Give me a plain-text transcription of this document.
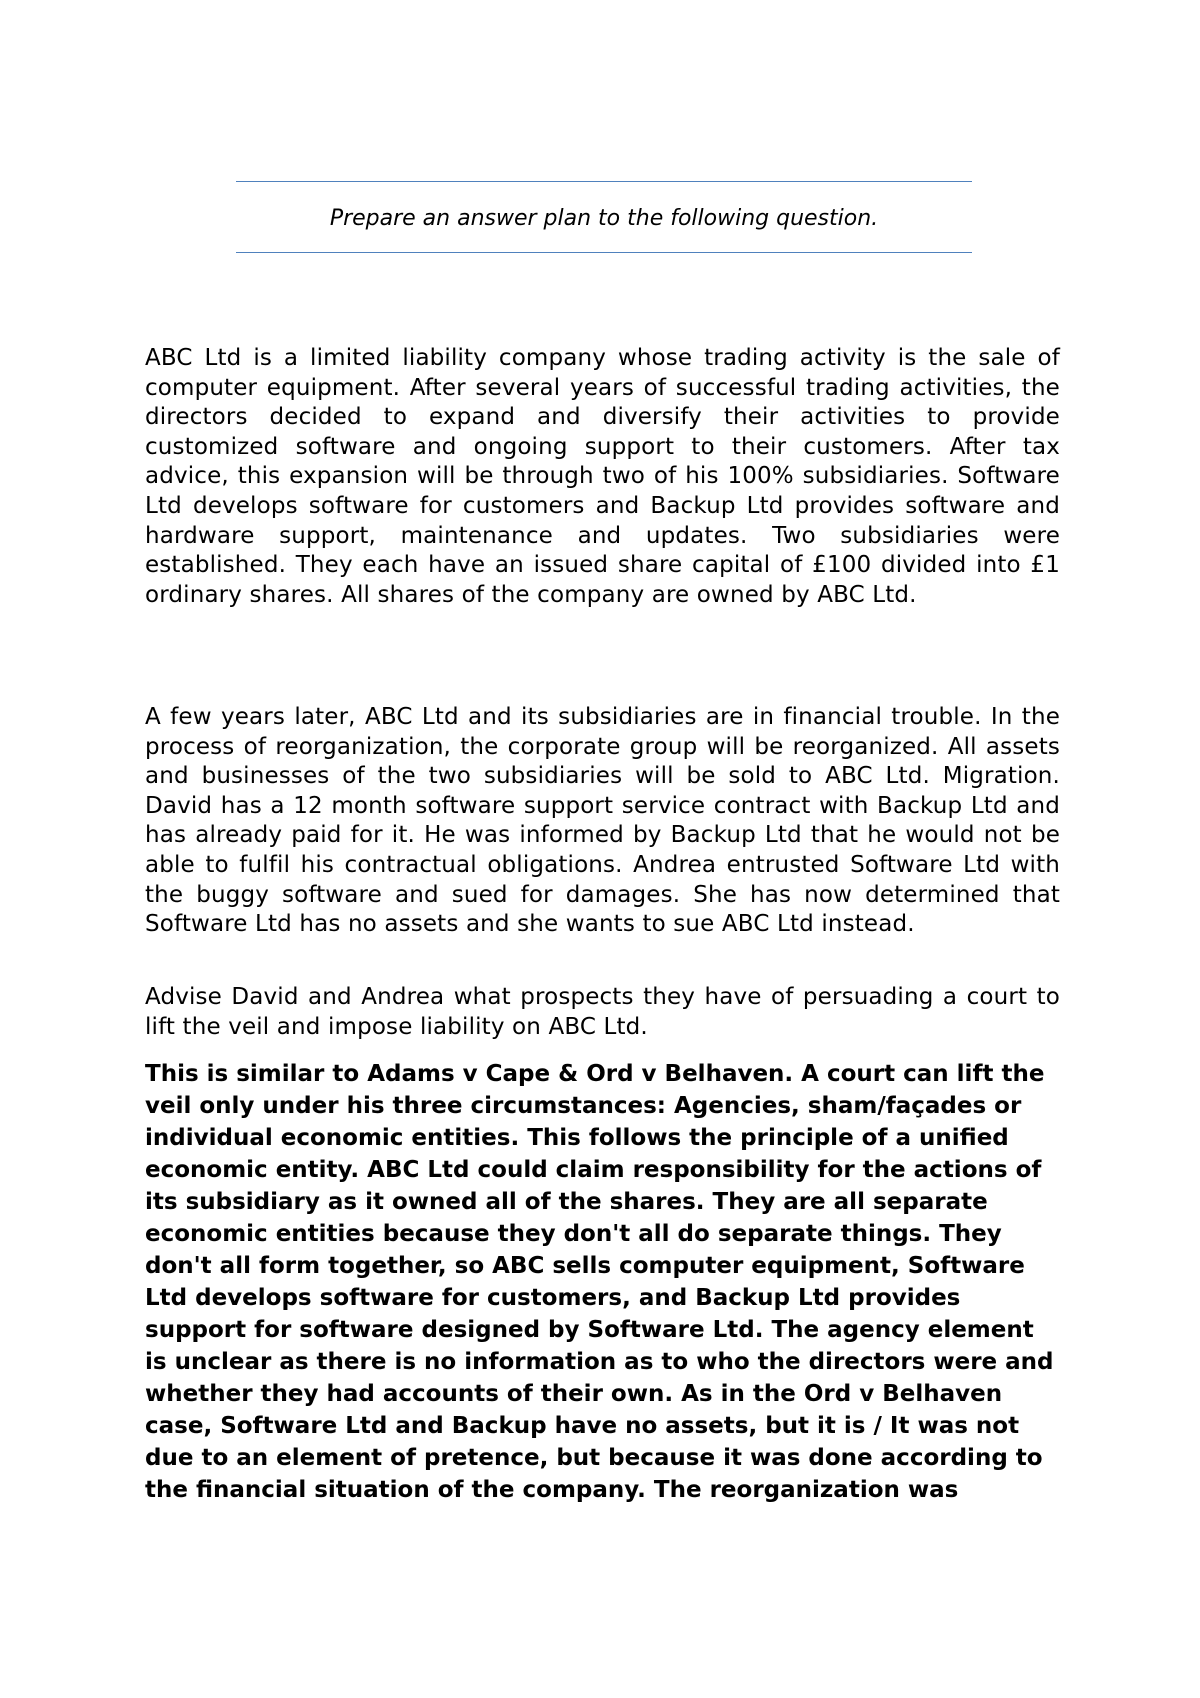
Prepare an answer plan to the following question.

ABC Ltd is a limited liability company whose trading activity is the sale of computer equipment. After several years of successful trading activities, the directors decided to expand and diversify their activities to provide customized software and ongoing support to their customers. After tax advice, this expansion will be through two of his 100% subsidiaries. Software Ltd develops software for customers and Backup Ltd provides software and hardware support, maintenance and updates. Two subsidiaries were established. They each have an issued share capital of £100 divided into £1 ordinary shares. All shares of the company are owned by ABC Ltd.

A few years later, ABC Ltd and its subsidiaries are in financial trouble. In the process of reorganization, the corporate group will be reorganized. All assets and businesses of the two subsidiaries will be sold to ABC Ltd. Migration. David has a 12 month software support service contract with Backup Ltd and has already paid for it. He was informed by Backup Ltd that he would not be able to fulfil his contractual obligations. Andrea entrusted Software Ltd with the buggy software and sued for damages. She has now determined that Software Ltd has no assets and she wants to sue ABC Ltd instead.

Advise David and Andrea what prospects they have of persuading a court to lift the veil and impose liability on ABC Ltd.

This is similar to Adams v Cape & Ord v Belhaven. A court can lift the veil only under his three circumstances: Agencies, sham/façades or individual economic entities. This follows the principle of a unified economic entity. ABC Ltd could claim responsibility for the actions of its subsidiary as it owned all of the shares. They are all separate economic entities because they don't all do separate things. They don't all form together, so ABC sells computer equipment, Software Ltd develops software for customers, and Backup Ltd provides support for software designed by Software Ltd. The agency element is unclear as there is no information as to who the directors were and whether they had accounts of their own. As in the Ord v Belhaven case, Software Ltd and Backup have no assets, but it is / It was not due to an element of pretence, but because it was done according to the financial situation of the company. The reorganization was
